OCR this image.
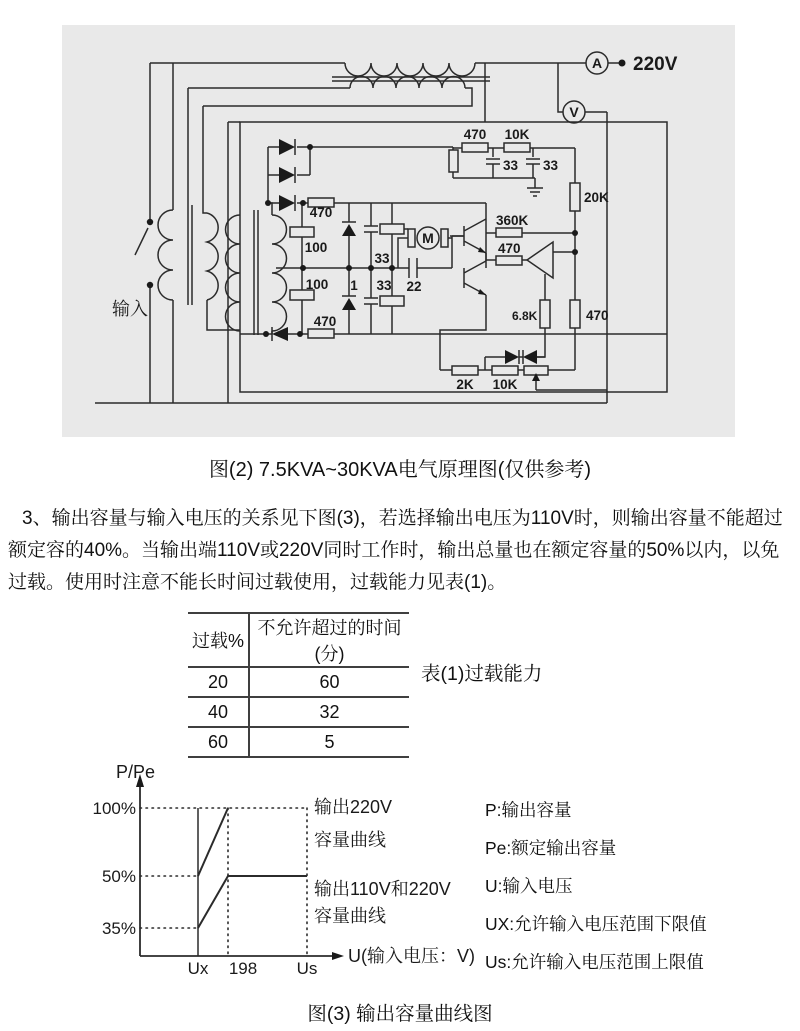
A
V
M
220V
输入
470 10K
33 33
20K
470
100
100
470
1
33
33 22
360K
470
6.8K	470
2K 10K
图(2) 7.5KVA~30KVA电气原理图(仅供参考)
3、输出容量与输入电压的关系见下图(3)，若选择输出电压为110V时，则输出容量不能超过额定容的40%。当输出端110V或220V同时工作时，输出总量也在额定容量的50%以内，以免过载。使用时注意不能长时间过载使用，过载能力见表(1)。
过载%	不允许超过的时间(分)
20	60
40	32
60	5
表(1)过载能力
P/Pe
100%
50%
35%
Ux 198 Us
U(输入电压：V)
输出220V
容量曲线
输出110V和220V
容量曲线
P:输出容量
Pe:额定输出容量
U:输入电压
UX:允许输入电压范围下限值
Us:允许输入电压范围上限值
图(3) 输出容量曲线图
